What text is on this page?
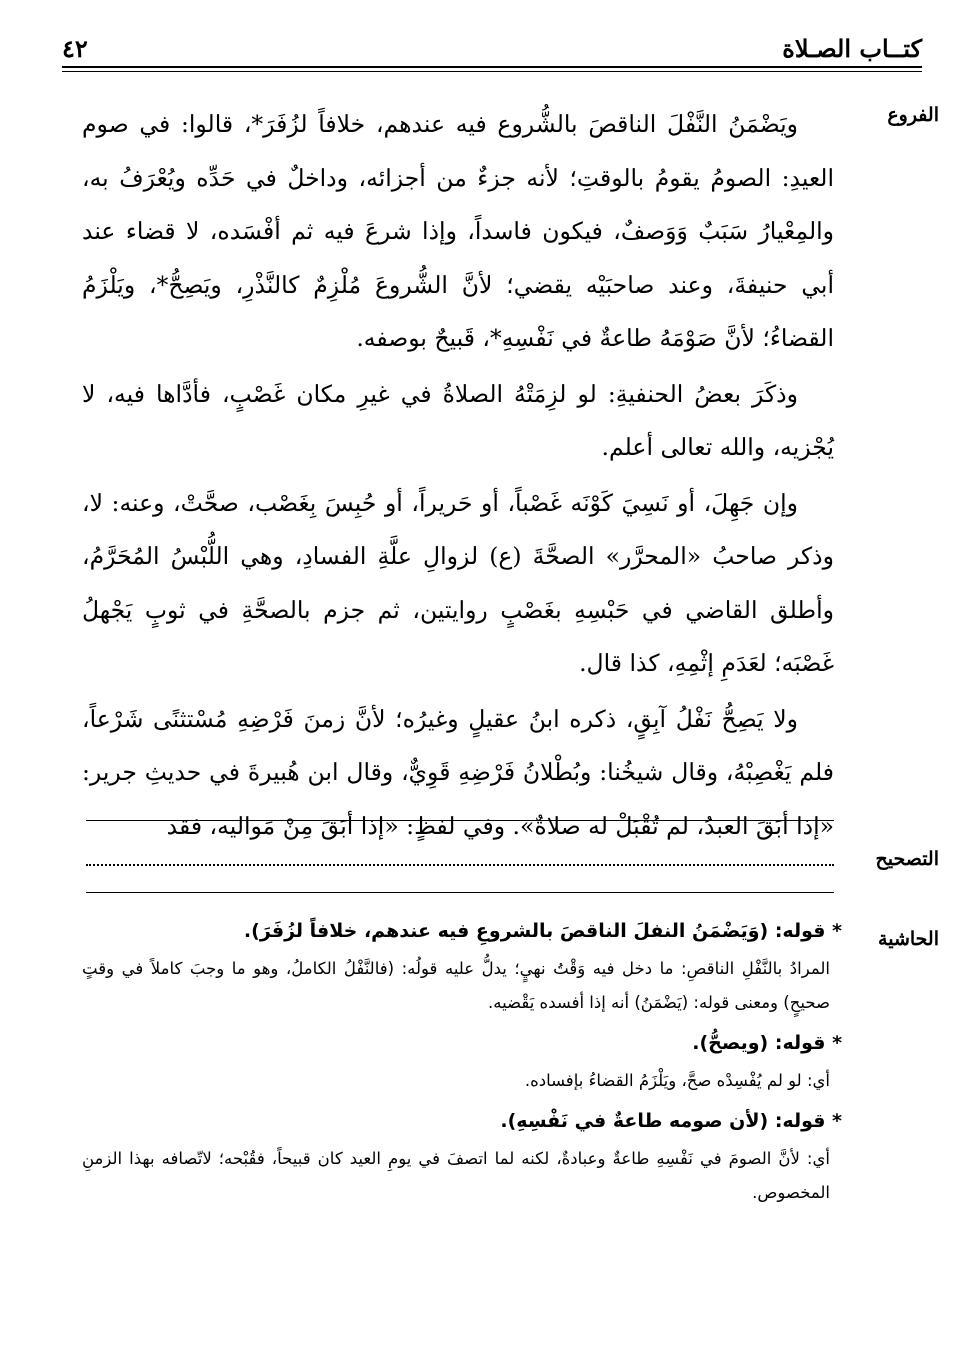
٤٢	كتــاب الصـلاة
الفروع
التصحيح
الحاشية

ويَضْمَنُ النَّفْلَ الناقصَ بالشُّروع فيه عندهم، خلافاً لزُفَرَ*، قالوا: في صوم العيدِ: الصومُ يقومُ بالوقتِ؛ لأنه جزءٌ من أجزائه، وداخلٌ في حَدِّه ويُعْرَفُ به، والمِعْيارُ سَبَبٌ وَوَصفٌ، فيكون فاسداً، وإذا شرعَ فيه ثم أفْسَده، لا قضاء عند أبي حنيفةَ، وعند صاحبَيْه يقضي؛ لأنَّ الشُّروعَ مُلْزِمٌ كالنَّذْرِ، ويَصِحُّ*، ويَلْزَمُ القضاءُ؛ لأنَّ صَوْمَهُ طاعةٌ في نَفْسِهِ*، قَبيحٌ بوصفه.

وذكَرَ بعضُ الحنفيةِ: لو لزِمَتْهُ الصلاةُ في غيرِ مكان غَصْبٍ، فأدَّاها فيه، لا يُجْزيه، والله تعالى أعلم.

وإن جَهِلَ، أو نَسِيَ كَوْنَه غَصْباً، أو حَريراً، أو حُبِسَ بِغَصْب، صحَّتْ، وعنه: لا، وذكر صاحبُ «المحرَّر» الصحَّةَ (ع) لزوالِ علَّةِ الفسادِ، وهي اللُّبْسُ المُحَرَّمُ، وأطلق القاضي في حَبْسِهِ بغَصْبٍ روايتين، ثم جزم بالصحَّةِ في ثوبٍ يَجْهلُ غَصْبَه؛ لعَدَمِ إثْمِهِ، كذا قال.

ولا يَصِحُّ نَفْلُ آبِقٍ، ذكره ابنُ عقيلٍ وغيرُه؛ لأنَّ زمنَ فَرْضِهِ مُسْتثنًى شَرْعاً، فلم يَغْصِبْهُ، وقال شيخُنا: وبُطْلانُ فَرْضِهِ قَوِيٌّ، وقال ابن هُبيرةَ في حديثِ جرير: «إذا أبَقَ العبدُ، لم تُقْبَلْ له صلاةٌ». وفي لفظٍ: «إذا أبَقَ مِنْ مَواليه، فقد

* قوله: (وَيَضْمَنُ النفلَ الناقصَ بالشروعِ فيه عندهم، خلافاً لزُفَرَ).
المرادُ بالنَّفْلِ الناقصِ: ما دخل فيه وَقْتُ نهيٍ؛ يدلُّ عليه قولُه: (فالنَّفْلُ الكاملُ، وهو ما وجبَ كاملاً في وقتٍ صحيحٍ) ومعنى قوله: (يَضْمَنُ) أنه إذا أفسده يَقْضيه.
* قوله: (ويصحُّ).
أي: لو لم يُفْسِدْه صحَّ، ويَلْزَمُ القضاءُ بإفساده.
* قوله: (لأن صومه طاعةٌ في نَفْسِهِ).
أي: لأنَّ الصومَ في نَفْسِهِ طاعةٌ وعبادةٌ، لكنه لما اتصفَ في يومِ العيد كان قبيحاً، فقُبْحه؛ لاتّصافه بهذا الزمنِ المخصوص.
